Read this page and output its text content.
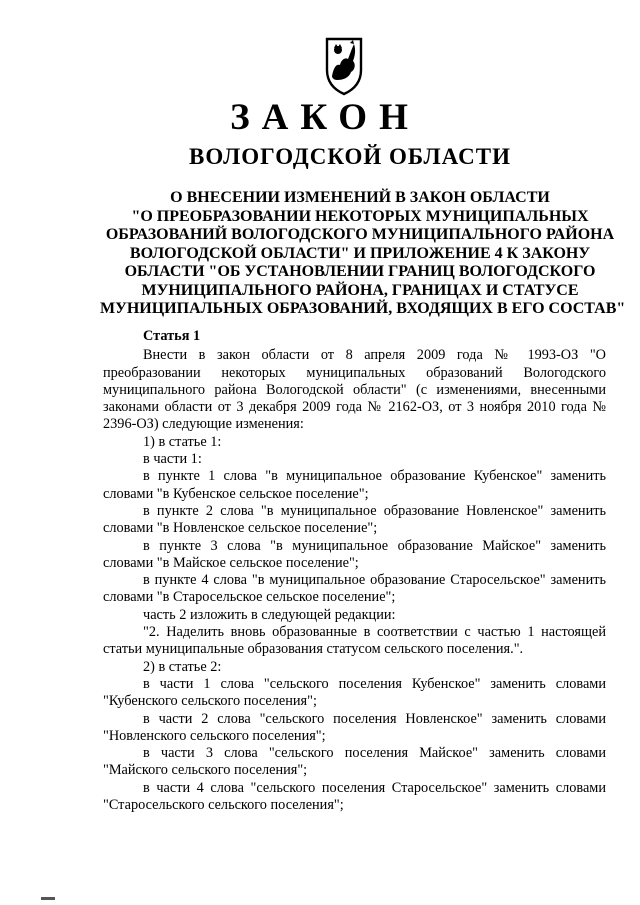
ЗАКОН
ВОЛОГОДСКОЙ ОБЛАСТИ

О ВНЕСЕНИИ ИЗМЕНЕНИЙ В ЗАКОН ОБЛАСТИ
"О ПРЕОБРАЗОВАНИИ НЕКОТОРЫХ МУНИЦИПАЛЬНЫХ
ОБРАЗОВАНИЙ ВОЛОГОДСКОГО МУНИЦИПАЛЬНОГО РАЙОНА
ВОЛОГОДСКОЙ ОБЛАСТИ" И ПРИЛОЖЕНИЕ 4 К ЗАКОНУ
ОБЛАСТИ "ОБ УСТАНОВЛЕНИИ ГРАНИЦ ВОЛОГОДСКОГО
МУНИЦИПАЛЬНОГО РАЙОНА, ГРАНИЦАХ И СТАТУСЕ
МУНИЦИПАЛЬНЫХ ОБРАЗОВАНИЙ, ВХОДЯЩИХ В ЕГО СОСТАВ"

Статья 1

Внести в закон области от 8 апреля 2009 года № 1993-ОЗ "О преобразовании некоторых муниципальных образований Вологодского муниципального района Вологодской области" (с изменениями, внесенными законами области от 3 декабря 2009 года № 2162-ОЗ, от 3 ноября 2010 года № 2396-ОЗ) следующие изменения:

1) в статье 1:

в части 1:

в пункте 1 слова "в муниципальное образование Кубенское" заменить словами "в Кубенское сельское поселение";

в пункте 2 слова "в муниципальное образование Новленское" заменить словами "в Новленское сельское поселение";

в пункте 3 слова "в муниципальное образование Майское" заменить словами "в Майское сельское поселение";

в пункте 4 слова "в муниципальное образование Старосельское" заменить словами "в Старосельское сельское поселение";

часть 2 изложить в следующей редакции:

"2. Наделить вновь образованные в соответствии с частью 1 настоящей статьи муниципальные образования статусом сельского поселения.".

2) в статье 2:

в части 1 слова "сельского поселения Кубенское" заменить словами "Кубенского сельского поселения";

в части 2 слова "сельского поселения Новленское" заменить словами "Новленского сельского поселения";

в части 3 слова "сельского поселения Майское" заменить словами "Майского сельского поселения";

в части 4 слова "сельского поселения Старосельское" заменить словами "Старосельского сельского поселения";
